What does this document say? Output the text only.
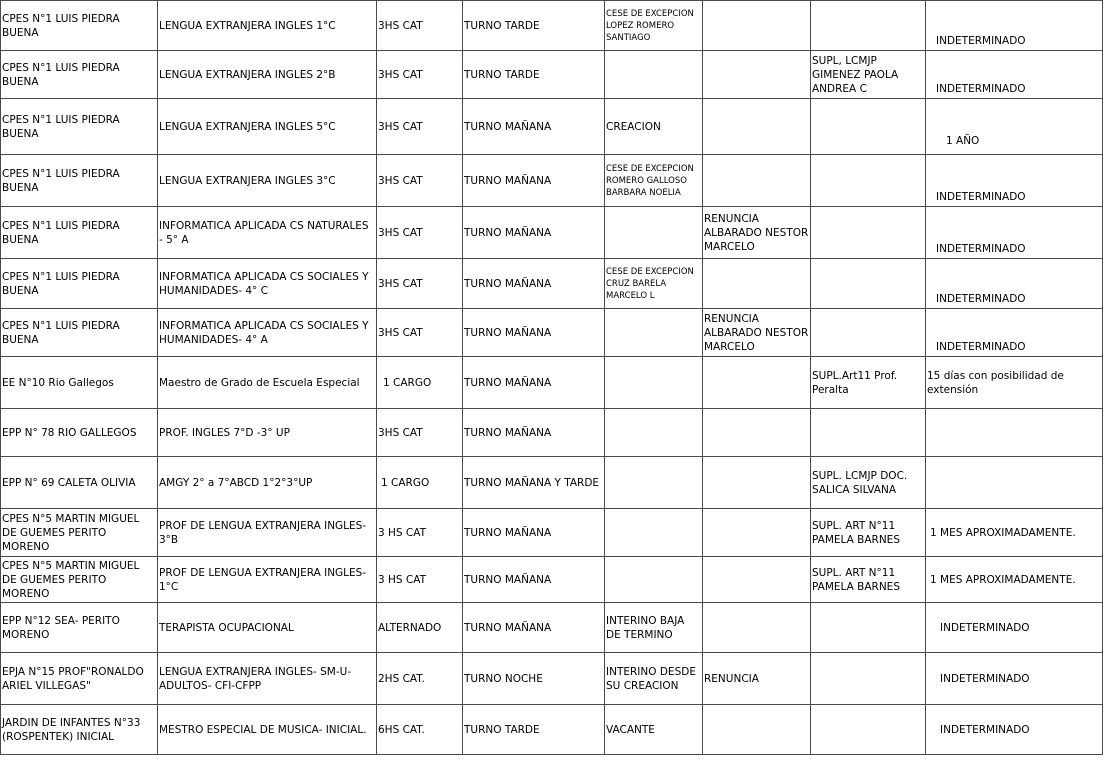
CPES N°1 LUIS PIEDRA BUENA	LENGUA EXTRANJERA INGLES 1°C	3HS CAT	TURNO TARDE	CESE DE EXCEPCION LOPEZ ROMERO SANTIAGO			INDETERMINADO
CPES N°1 LUIS PIEDRA BUENA	LENGUA EXTRANJERA INGLES 2°B	3HS CAT	TURNO TARDE			SUPL, LCMJP GIMENEZ PAOLA ANDREA C	INDETERMINADO
CPES N°1 LUIS PIEDRA BUENA	LENGUA EXTRANJERA INGLES 5°C	3HS CAT	TURNO MAÑANA	CREACION			1 AÑO
CPES N°1 LUIS PIEDRA BUENA	LENGUA EXTRANJERA INGLES 3°C	3HS CAT	TURNO MAÑANA	CESE DE EXCEPCION ROMERO GALLOSO BARBARA NOELIA			INDETERMINADO
CPES N°1 LUIS PIEDRA BUENA	INFORMATICA APLICADA CS NATURALES - 5° A	3HS CAT	TURNO MAÑANA		RENUNCIA ALBARADO NESTOR MARCELO		INDETERMINADO
CPES N°1 LUIS PIEDRA BUENA	INFORMATICA APLICADA CS SOCIALES Y HUMANIDADES- 4° C	3HS CAT	TURNO MAÑANA	CESE DE EXCEPCION CRUZ BARELA MARCELO L			INDETERMINADO
CPES N°1 LUIS PIEDRA BUENA	INFORMATICA APLICADA CS SOCIALES Y HUMANIDADES- 4° A	3HS CAT	TURNO MAÑANA		RENUNCIA ALBARADO NESTOR MARCELO		INDETERMINADO
EE N°10 Rio Gallegos	Maestro de Grado de Escuela Especial	1 CARGO	TURNO MAÑANA			SUPL.Art11 Prof. Peralta	15 días con posibilidad de extensión
EPP N° 78 RIO GALLEGOS	PROF. INGLES 7°D -3° UP	3HS CAT	TURNO MAÑANA				
EPP N° 69 CALETA OLIVIA	AMGY 2° a 7°ABCD 1°2°3°UP	1 CARGO	TURNO MAÑANA Y TARDE			SUPL. LCMJP DOC. SALICA SILVANA	
CPES N°5 MARTIN MIGUEL DE GUEMES PERITO MORENO	PROF DE LENGUA EXTRANJERA INGLES- 3°B	3 HS CAT	TURNO MAÑANA			SUPL. ART N°11 PAMELA BARNES	1 MES APROXIMADAMENTE.
CPES N°5 MARTIN MIGUEL DE GUEMES PERITO MORENO	PROF DE LENGUA EXTRANJERA INGLES- 1°C	3 HS CAT	TURNO MAÑANA			SUPL. ART N°11 PAMELA BARNES	1 MES APROXIMADAMENTE.
EPP N°12 SEA- PERITO MORENO	TERAPISTA OCUPACIONAL	ALTERNADO	TURNO MAÑANA	INTERINO BAJA DE TERMINO			INDETERMINADO
EPJA N°15 PROF"RONALDO ARIEL VILLEGAS"	LENGUA EXTRANJERA INGLES- SM-U-ADULTOS- CFI-CFPP	2HS CAT.	TURNO NOCHE	INTERINO DESDE SU CREACION	RENUNCIA		INDETERMINADO
JARDIN DE INFANTES N°33 (ROSPENTEK) INICIAL	MESTRO ESPECIAL DE MUSICA- INICIAL.	6HS CAT.	TURNO TARDE	VACANTE			INDETERMINADO
